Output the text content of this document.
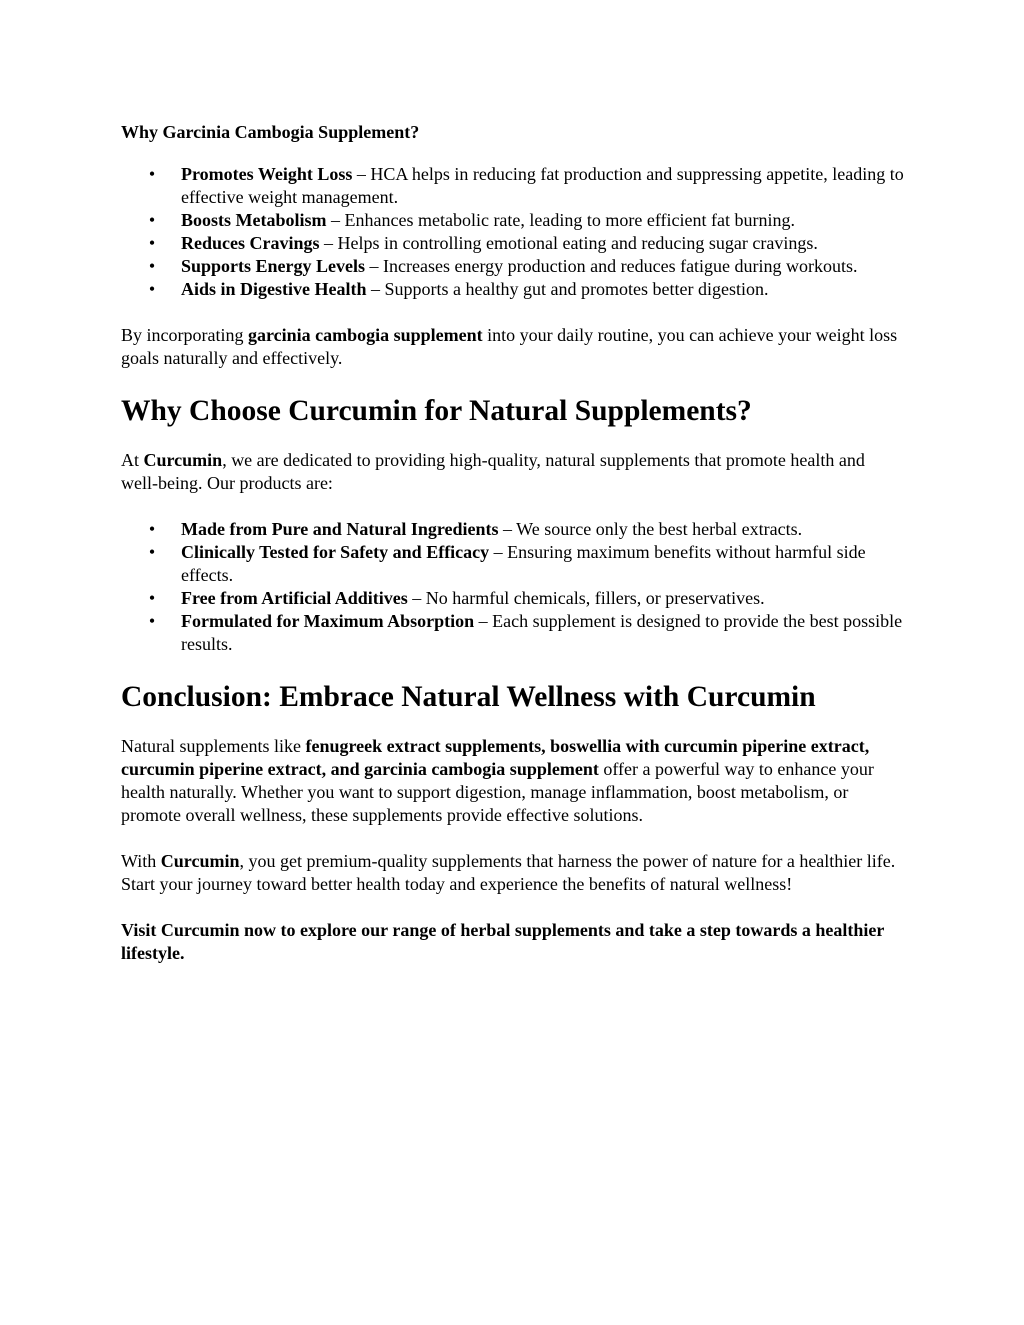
Why Garcinia Cambogia Supplement?
• Promotes Weight Loss – HCA helps in reducing fat production and suppressing appetite, leading to effective weight management.
• Boosts Metabolism – Enhances metabolic rate, leading to more efficient fat burning.
• Reduces Cravings – Helps in controlling emotional eating and reducing sugar cravings.
• Supports Energy Levels – Increases energy production and reduces fatigue during workouts.
• Aids in Digestive Health – Supports a healthy gut and promotes better digestion.

By incorporating garcinia cambogia supplement into your daily routine, you can achieve your weight loss goals naturally and effectively.

Why Choose Curcumin for Natural Supplements?

At Curcumin, we are dedicated to providing high-quality, natural supplements that promote health and well-being. Our products are:

• Made from Pure and Natural Ingredients – We source only the best herbal extracts.
• Clinically Tested for Safety and Efficacy – Ensuring maximum benefits without harmful side effects.
• Free from Artificial Additives – No harmful chemicals, fillers, or preservatives.
• Formulated for Maximum Absorption – Each supplement is designed to provide the best possible results.
Conclusion: Embrace Natural Wellness with Curcumin

Natural supplements like fenugreek extract supplements, boswellia with curcumin piperine extract, curcumin piperine extract, and garcinia cambogia supplement offer a powerful way to enhance your health naturally. Whether you want to support digestion, manage inflammation, boost metabolism, or promote overall wellness, these supplements provide effective solutions.

With Curcumin, you get premium-quality supplements that harness the power of nature for a healthier life. Start your journey toward better health today and experience the benefits of natural wellness!

Visit Curcumin now to explore our range of herbal supplements and take a step towards a healthier lifestyle.
